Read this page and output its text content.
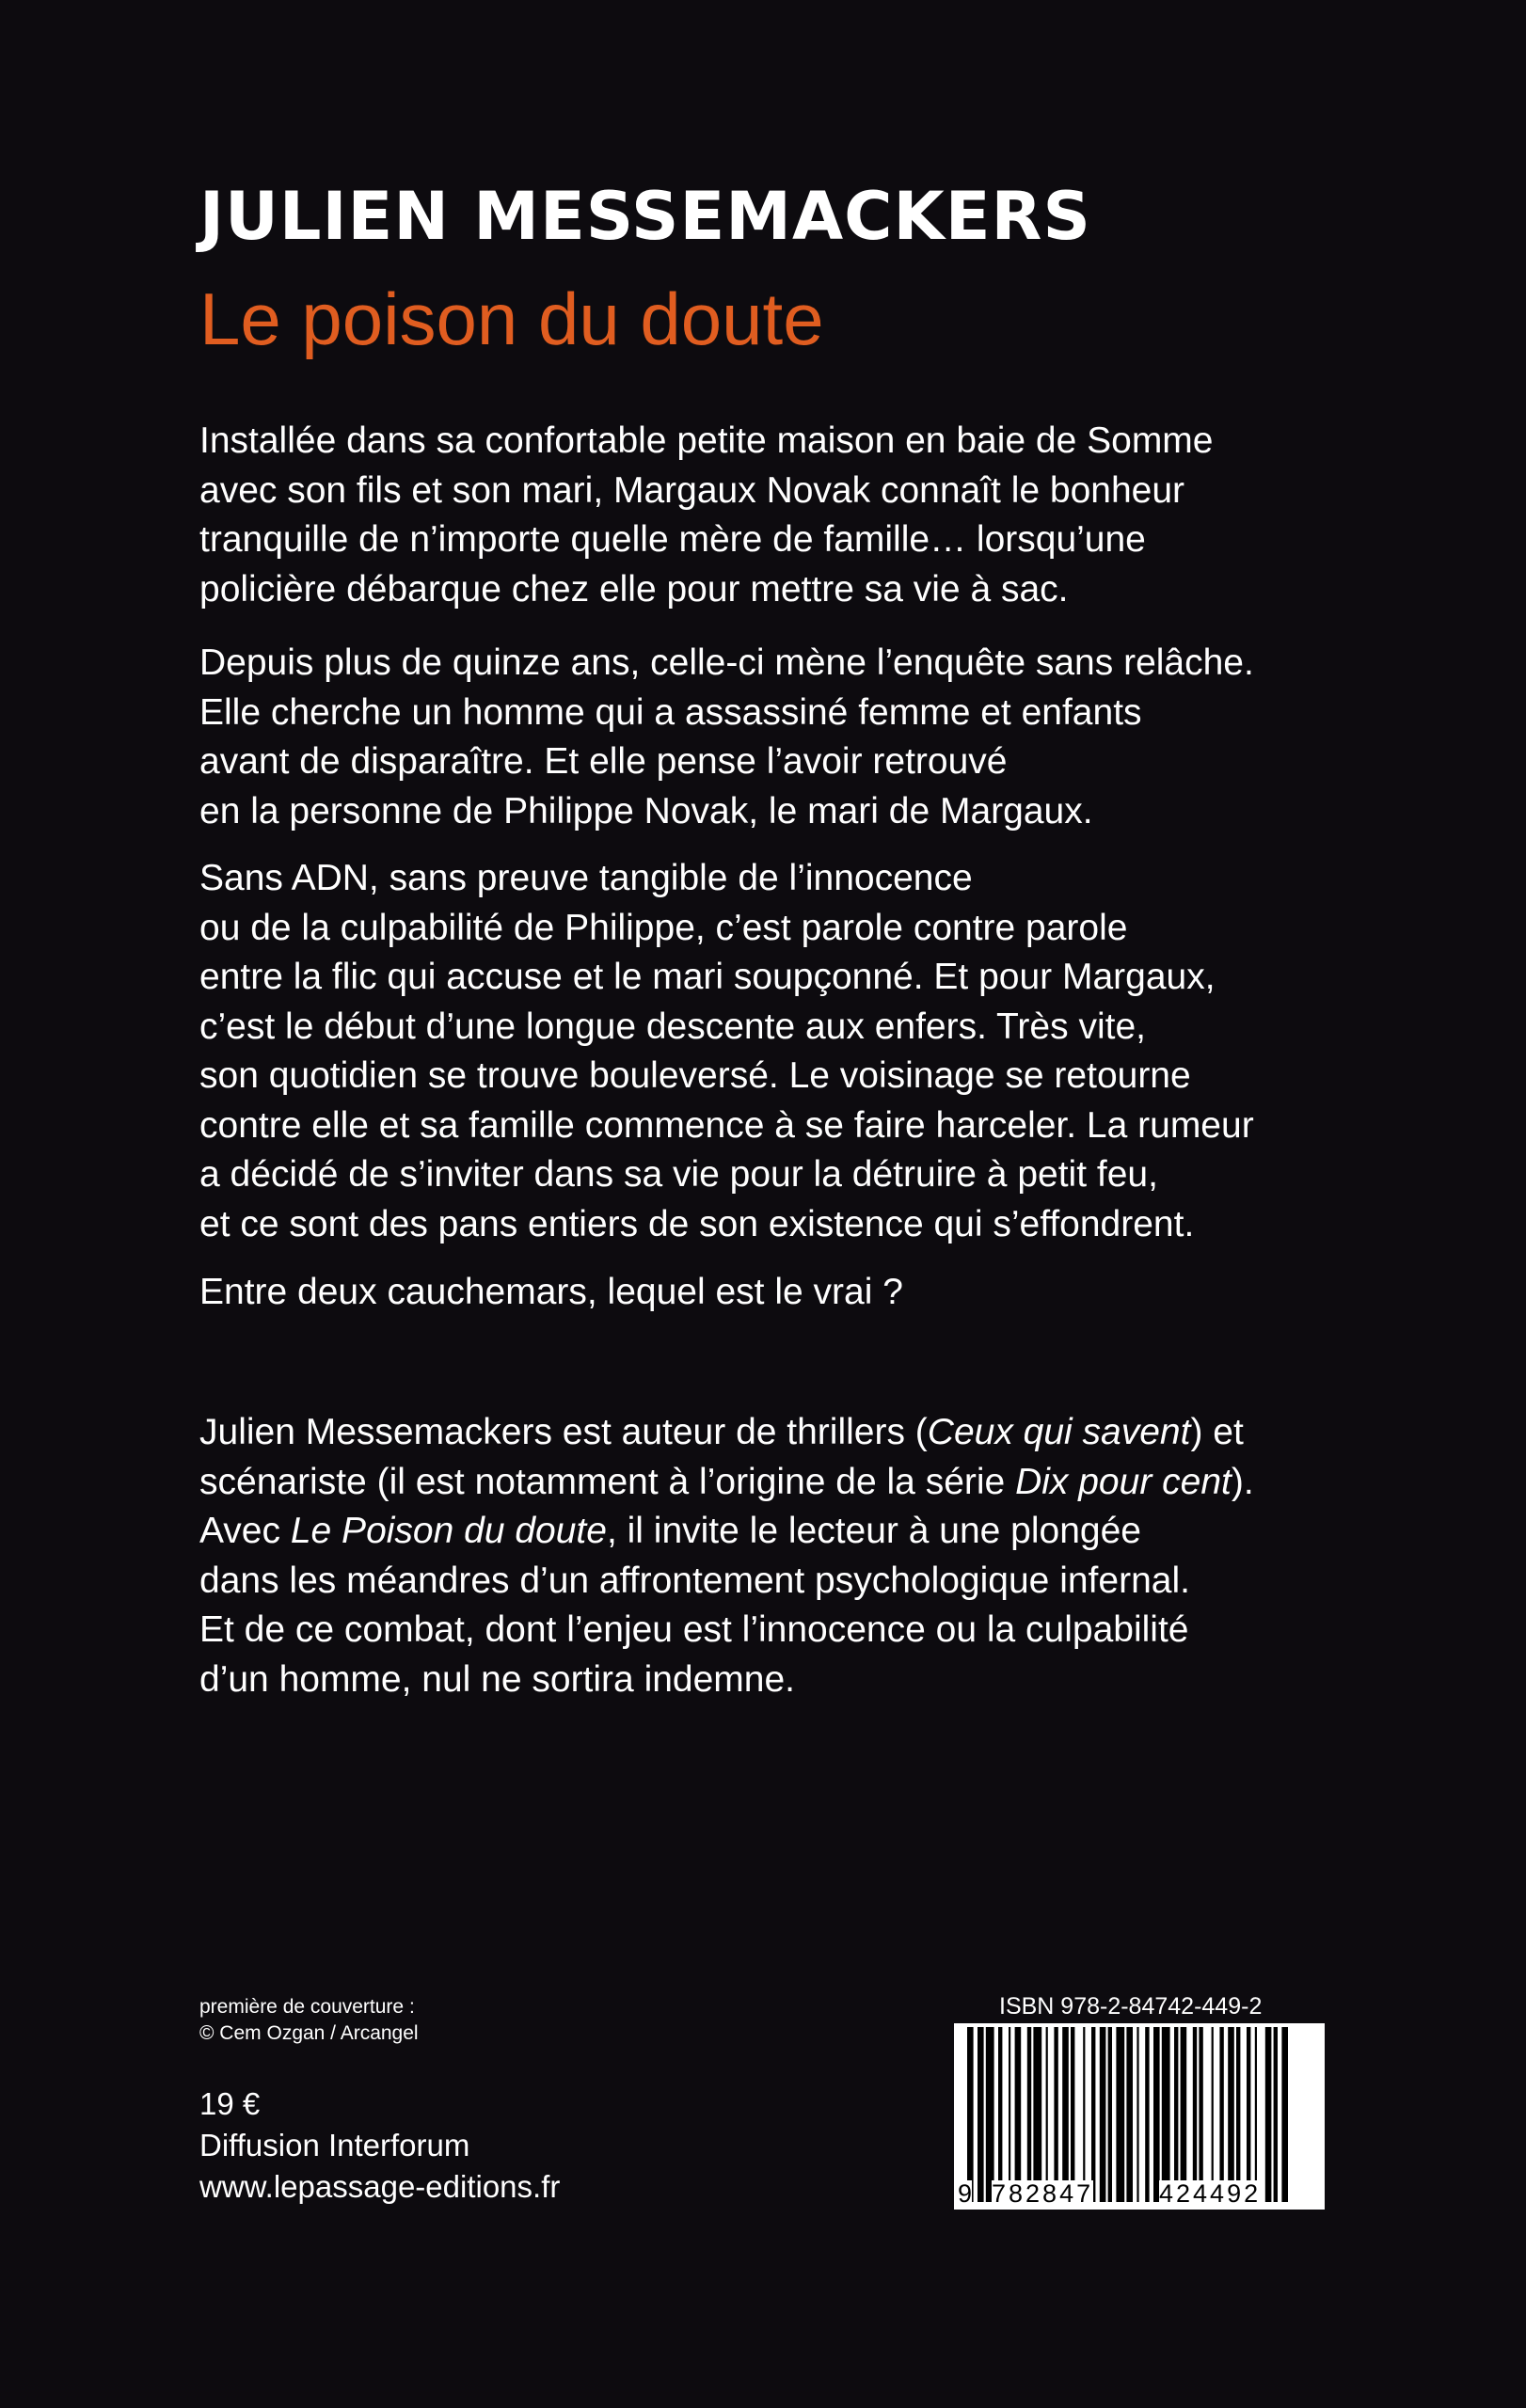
JULIEN MESSEMACKERS
Le poison du doute
Installée dans sa confortable petite maison en baie de Somme
avec son fils et son mari, Margaux Novak connaît le bonheur
tranquille de n’importe quelle mère de famille… lorsqu’une
policière débarque chez elle pour mettre sa vie à sac.
Depuis plus de quinze ans, celle-ci mène l’enquête sans relâche.
Elle cherche un homme qui a assassiné femme et enfants
avant de disparaître. Et elle pense l’avoir retrouvé
en la personne de Philippe Novak, le mari de Margaux.
Sans ADN, sans preuve tangible de l’innocence
ou de la culpabilité de Philippe, c’est parole contre parole
entre la flic qui accuse et le mari soupçonné. Et pour Margaux,
c’est le début d’une longue descente aux enfers. Très vite,
son quotidien se trouve bouleversé. Le voisinage se retourne
contre elle et sa famille commence à se faire harceler. La rumeur
a décidé de s’inviter dans sa vie pour la détruire à petit feu,
et ce sont des pans entiers de son existence qui s’effondrent.
Entre deux cauchemars, lequel est le vrai ?
Julien Messemackers est auteur de thrillers (Ceux qui savent) et
scénariste (il est notamment à l’origine de la série Dix pour cent).
Avec Le Poison du doute, il invite le lecteur à une plongée
dans les méandres d’un affrontement psychologique infernal.
Et de ce combat, dont l’enjeu est l’innocence ou la culpabilité
d’un homme, nul ne sortira indemne.
première de couverture :
© Cem Ozgan / Arcangel
19 €
Diffusion Interforum
www.lepassage-editions.fr
ISBN 978-2-84742-449-2
9 782847	424492
